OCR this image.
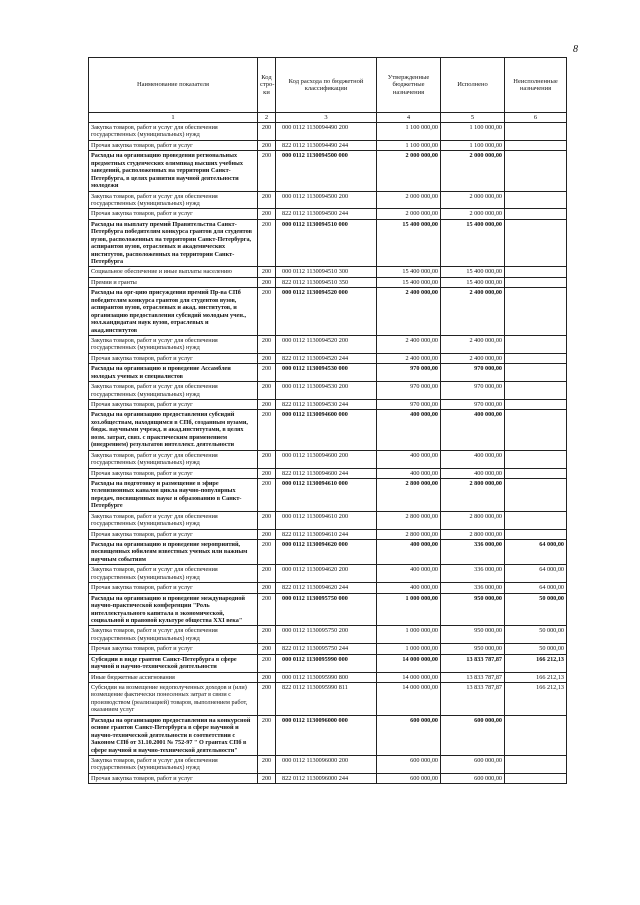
8
Наименование показателя	Код стро-ки	Код расхода по бюджетной классификации	Утвержденные бюджетные назначения	Исполнено	Неисполненные назначения
1	2	3	4	5	6
Закупка товаров, работ и услуг для обеспечения государственных (муниципальных) нужд	200	000 0112 1130094490 200	1 100 000,00	1 100 000,00	
Прочая закупка товаров, работ и услуг	200	822 0112 1130094490 244	1 100 000,00	1 100 000,00	
Расходы на организацию проведения региональных предметных студенческих олимпиад высших учебных заведений, расположенных на территории Санкт-Петербурга, в целях развития научной деятельности молодежи	200	000 0112 1130094500 000	2 000 000,00	2 000 000,00	
Закупка товаров, работ и услуг для обеспечения государственных (муниципальных) нужд	200	000 0112 1130094500 200	2 000 000,00	2 000 000,00	
Прочая закупка товаров, работ и услуг	200	822 0112 1130094500 244	2 000 000,00	2 000 000,00	
Расходы на выплату премий Правительства Санкт-Петербурга победителям конкурса грантов для студентов вузов, расположенных на территории Санкт-Петербурга, аспирантов вузов, отраслевых и академических институтов, расположенных на территории Санкт-Петербурга	200	000 0112 1130094510 000	15 400 000,00	15 400 000,00	
Социальное обеспечение и иные выплаты населению	200	000 0112 1130094510 300	15 400 000,00	15 400 000,00	
Премии и гранты	200	822 0112 1130094510 350	15 400 000,00	15 400 000,00	
Расходы на орг-цию присуждения премий Пр-ва СПб победителям конкурса грантов для студентов вузов, аспирантов вузов, отраслевых и акад. институтов, и организацию предоставления субсидий молодым учен., мол.кандидатам наук вузов, отраслевых и акад.институтов	200	000 0112 1130094520 000	2 400 000,00	2 400 000,00	
Закупка товаров, работ и услуг для обеспечения государственных (муниципальных) нужд	200	000 0112 1130094520 200	2 400 000,00	2 400 000,00	
Прочая закупка товаров, работ и услуг	200	822 0112 1130094520 244	2 400 000,00	2 400 000,00	
Расходы на организацию и проведение Ассамблеи молодых ученых и специалистов	200	000 0112 1130094530 000	970 000,00	970 000,00	
Закупка товаров, работ и услуг для обеспечения государственных (муниципальных) нужд	200	000 0112 1130094530 200	970 000,00	970 000,00	
Прочая закупка товаров, работ и услуг	200	822 0112 1130094530 244	970 000,00	970 000,00	
Расходы на организацию предоставления субсидий хоз.обществам, находящимся в СПб, созданным вузами, бюдж. научными учрежд. и акад.институтами, в целях возм. затрат, связ. с практическим применением (внедрением) результатов интеллект. деятельности	200	000 0112 1130094600 000	400 000,00	400 000,00	
Закупка товаров, работ и услуг для обеспечения государственных (муниципальных) нужд	200	000 0112 1130094600 200	400 000,00	400 000,00	
Прочая закупка товаров, работ и услуг	200	822 0112 1130094600 244	400 000,00	400 000,00	
Расходы на подготовку и размещение в эфире телевизионных каналов цикла научно-популярных передач, посвященных науке и образованию в Санкт-Петербурге	200	000 0112 1130094610 000	2 800 000,00	2 800 000,00	
Закупка товаров, работ и услуг для обеспечения государственных (муниципальных) нужд	200	000 0112 1130094610 200	2 800 000,00	2 800 000,00	
Прочая закупка товаров, работ и услуг	200	822 0112 1130094610 244	2 800 000,00	2 800 000,00	
Расходы на организацию и проведение мероприятий, посвященных юбилеям известных ученых или важным научным событиям	200	000 0112 1130094620 000	400 000,00	336 000,00	64 000,00
Закупка товаров, работ и услуг для обеспечения государственных (муниципальных) нужд	200	000 0112 1130094620 200	400 000,00	336 000,00	64 000,00
Прочая закупка товаров, работ и услуг	200	822 0112 1130094620 244	400 000,00	336 000,00	64 000,00
Расходы на организацию и проведение международной научно-практической конференции "Роль интеллектуального капитала в экономической, социальной и правовой культуре общества XXI века"	200	000 0112 1130095750 000	1 000 000,00	950 000,00	50 000,00
Закупка товаров, работ и услуг для обеспечения государственных (муниципальных) нужд	200	000 0112 1130095750 200	1 000 000,00	950 000,00	50 000,00
Прочая закупка товаров, работ и услуг	200	822 0112 1130095750 244	1 000 000,00	950 000,00	50 000,00
Субсидии в виде грантов Санкт-Петербурга в сфере научной и научно-технической деятельности	200	000 0112 1130095990 000	14 000 000,00	13 833 787,87	166 212,13
Иные бюджетные ассигнования	200	000 0112 1130095990 800	14 000 000,00	13 833 787,87	166 212,13
Субсидии на возмещение недополученных доходов и (или) возмещение фактически понесенных затрат в связи с производством (реализацией) товаров, выполнением работ, оказанием услуг	200	822 0112 1130095990 811	14 000 000,00	13 833 787,87	166 212,13
Расходы на организацию предоставления на конкурсной основе грантов Санкт-Петербурга в сфере научной и научно-технической деятельности в соответствии с Законом СПб от 31.10.2001 № 752-97 " О грантах СПб в сфере научной и научно-технической деятельности"	200	000 0112 1130096000 000	600 000,00	600 000,00	
Закупка товаров, работ и услуг для обеспечения государственных (муниципальных) нужд	200	000 0112 1130096000 200	600 000,00	600 000,00	
Прочая закупка товаров, работ и услуг	200	822 0112 1130096000 244	600 000,00	600 000,00	
